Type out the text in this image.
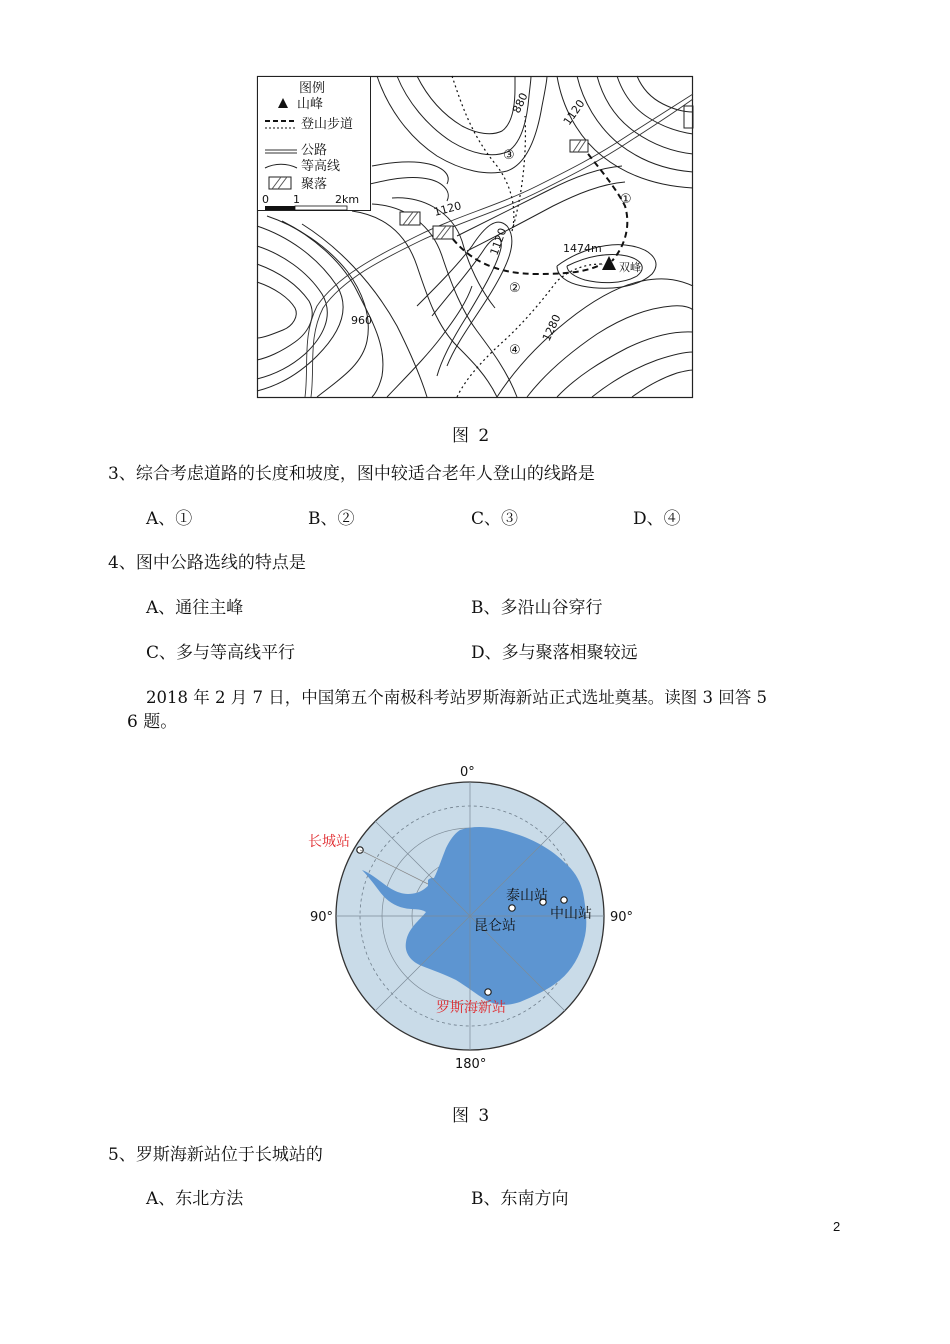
图例
山峰
登山步道
公路
等高线
聚落
0 1	2km
880	1120
1120
1120
960	1280
1474m
双峰
①
②
③
④
图 2
3、综合考虑道路的长度和坡度，图中较适合老年人登山的线路是
A、①	B、②	C、③	D、④
4、图中公路选线的特点是
A、通往主峰	B、多沿山谷穿行
C、多与等高线平行	D、多与聚落相聚较远
2018 年 2 月 7 日，中国第五个南极科考站罗斯海新站正式选址奠基。读图 3 回答 5
6 题。
0°
90°	90°
180°
长城站
泰山站
中山站
昆仑站
罗斯海新站
图 3
5、罗斯海新站位于长城站的
A、东北方法	B、东南方向
2
